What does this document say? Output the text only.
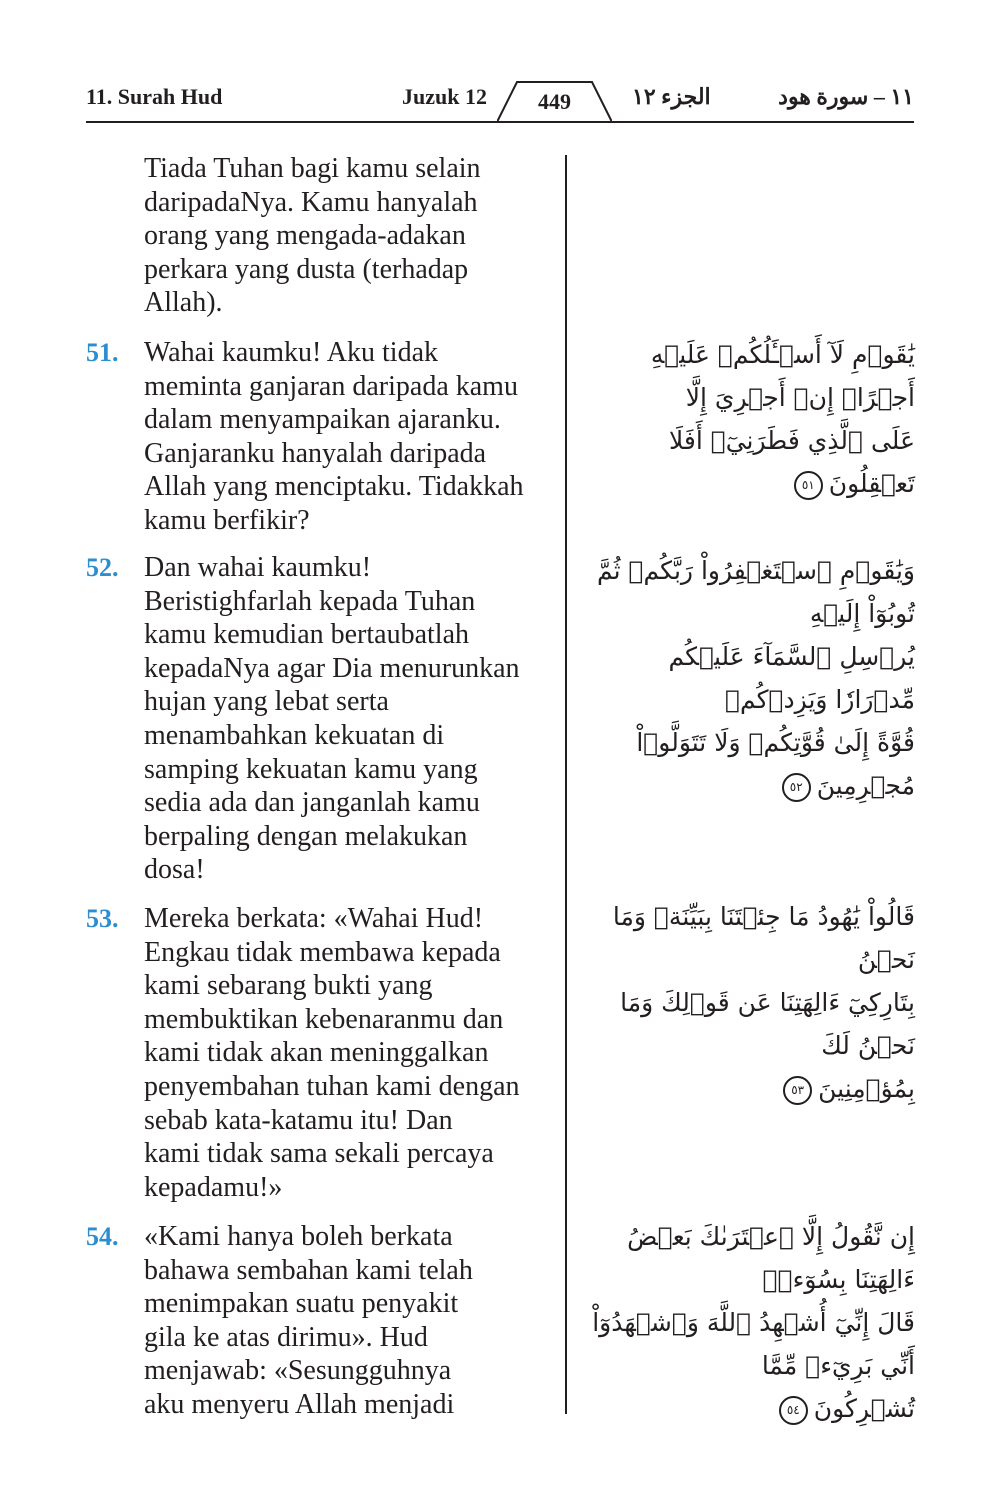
11. Surah Hud	Juzuk 12	449	الجزء ١٢	١١ – سورة هود
Tiada Tuhan bagi kamu selain
daripadaNya. Kamu hanyalah
orang yang mengada-adakan
perkara yang dusta (terhadap
Allah).
51. Wahai kaumku! Aku tidak
meminta ganjaran daripada kamu
dalam menyampaikan ajaranku.
Ganjaranku hanyalah daripada
Allah yang menciptaku. Tidakkah
kamu berfikir?
يَٰقَوۡمِ لَآ أَسۡـَٔلُكُمۡ عَلَيۡهِ أَجۡرًاۖ إِنۡ أَجۡرِيَ إِلَّا
عَلَى ٱلَّذِي فَطَرَنِيٓۚ أَفَلَا تَعۡقِلُونَ٥١
52. Dan wahai kaumku!
Beristighfarlah kepada Tuhan
kamu kemudian bertaubatlah
kepadaNya agar Dia menurunkan
hujan yang lebat serta
menambahkan kekuatan di
samping kekuatan kamu yang
sedia ada dan janganlah kamu
berpaling dengan melakukan
dosa!
وَيَٰقَوۡمِ ٱسۡتَغۡفِرُواْ رَبَّكُمۡ ثُمَّ تُوبُوٓاْ إِلَيۡهِ
يُرۡسِلِ ٱلسَّمَآءَ عَلَيۡكُم مِّدۡرَارٗا وَيَزِدۡكُمۡ
قُوَّةً إِلَىٰ قُوَّتِكُمۡ وَلَا تَتَوَلَّوۡاْ مُجۡرِمِينَ٥٢
53. Mereka berkata: «Wahai Hud!
Engkau tidak membawa kepada
kami sebarang bukti yang
membuktikan kebenaranmu dan
kami tidak akan meninggalkan
penyembahan tuhan kami dengan
sebab kata-katamu itu! Dan
kami tidak sama sekali percaya
kepadamu!»
قَالُواْ يَٰهُودُ مَا جِئۡتَنَا بِبَيِّنَةٖ وَمَا نَحۡنُ
بِتَارِكِيٓ ءَالِهَتِنَا عَن قَوۡلِكَ وَمَا نَحۡنُ لَكَ
بِمُؤۡمِنِينَ٥٣
54. «Kami hanya boleh berkata
bahawa sembahan kami telah
menimpakan suatu penyakit
gila ke atas dirimu». Hud
menjawab: «Sesungguhnya
aku menyeru Allah menjadi
إِن نَّقُولُ إِلَّا ٱعۡتَرَىٰكَ بَعۡضُ ءَالِهَتِنَا بِسُوٓءٖۗ
قَالَ إِنِّيٓ أُشۡهِدُ ٱللَّهَ وَٱشۡهَدُوٓاْ أَنِّي بَرِيٓءٞ مِّمَّا
تُشۡرِكُونَ٥٤
